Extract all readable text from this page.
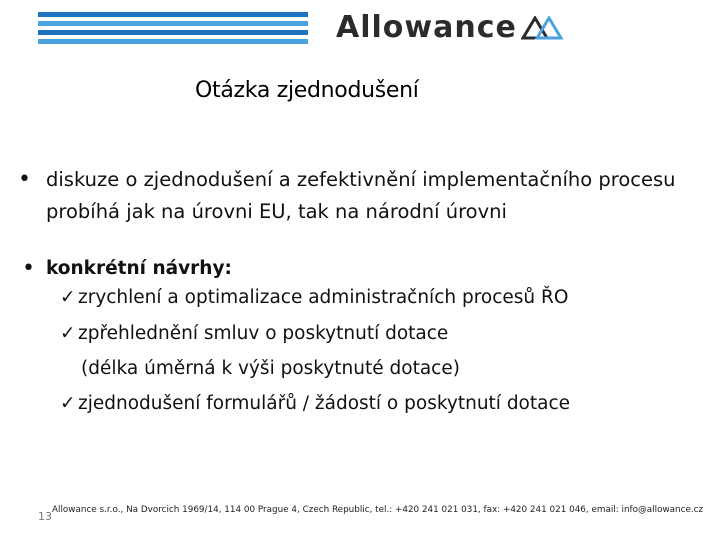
Allowance
Otázka zjednodušení
• diskuze o zjednodušení a zefektivnění implementačního procesu probíhá jak na úrovni EU, tak na národní úrovni
• konkrétní návrhy:
✓ zrychlení a optimalizace administračních procesů ŘO
✓ zpřehlednění smluv o poskytnutí dotace
(délka úměrná k výši poskytnuté dotace)
✓ zjednodušení formulářů / žádostí o poskytnutí dotace
13 Allowance s.r.o., Na Dvorcich 1969/14, 114 00 Prague 4, Czech Republic, tel.: +420 241 021 031, fax: +420 241 021 046, email: info@allowance.cz
